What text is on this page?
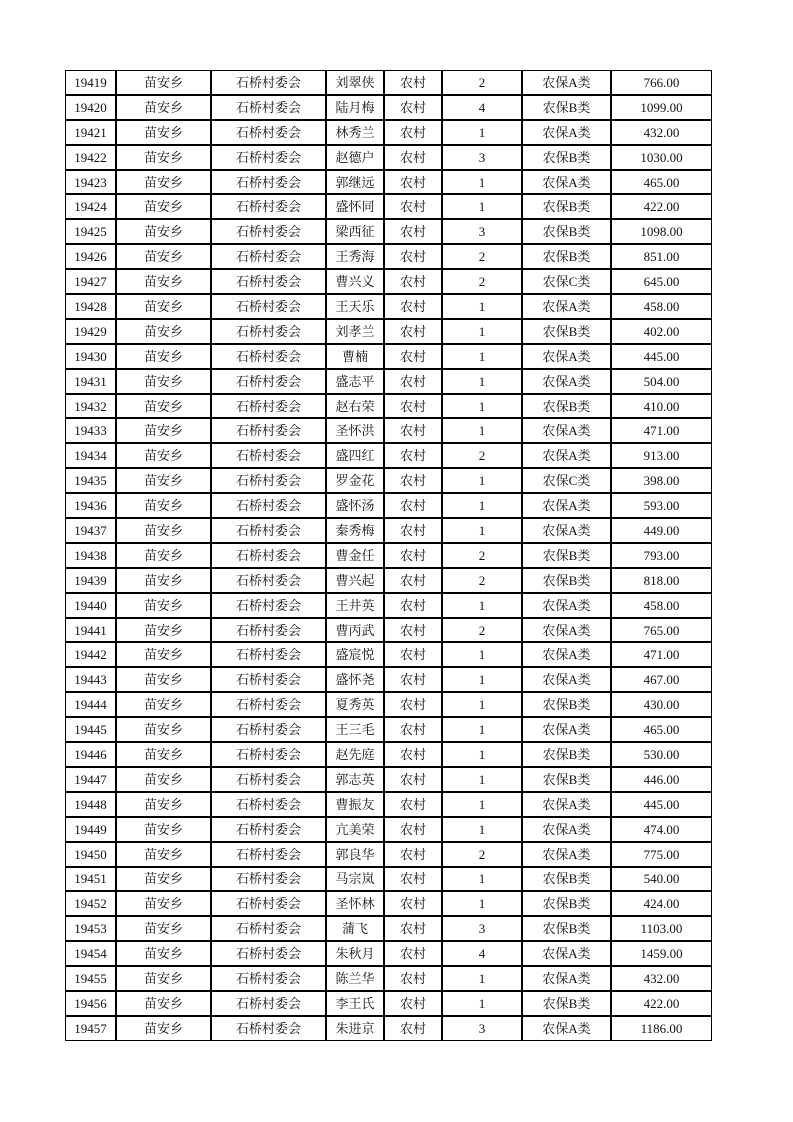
19419	苗安乡	石桥村委会	刘翠侠	农村	2	农保A类	766.00
19420	苗安乡	石桥村委会	陆月梅	农村	4	农保B类	1099.00
19421	苗安乡	石桥村委会	林秀兰	农村	1	农保A类	432.00
19422	苗安乡	石桥村委会	赵德户	农村	3	农保B类	1030.00
19423	苗安乡	石桥村委会	郭继远	农村	1	农保A类	465.00
19424	苗安乡	石桥村委会	盛怀同	农村	1	农保B类	422.00
19425	苗安乡	石桥村委会	梁西征	农村	3	农保B类	1098.00
19426	苗安乡	石桥村委会	王秀海	农村	2	农保B类	851.00
19427	苗安乡	石桥村委会	曹兴义	农村	2	农保C类	645.00
19428	苗安乡	石桥村委会	王天乐	农村	1	农保A类	458.00
19429	苗安乡	石桥村委会	刘孝兰	农村	1	农保B类	402.00
19430	苗安乡	石桥村委会	曹楠	农村	1	农保A类	445.00
19431	苗安乡	石桥村委会	盛志平	农村	1	农保A类	504.00
19432	苗安乡	石桥村委会	赵右荣	农村	1	农保B类	410.00
19433	苗安乡	石桥村委会	圣怀洪	农村	1	农保A类	471.00
19434	苗安乡	石桥村委会	盛四红	农村	2	农保A类	913.00
19435	苗安乡	石桥村委会	罗金花	农村	1	农保C类	398.00
19436	苗安乡	石桥村委会	盛怀汤	农村	1	农保A类	593.00
19437	苗安乡	石桥村委会	秦秀梅	农村	1	农保A类	449.00
19438	苗安乡	石桥村委会	曹金任	农村	2	农保B类	793.00
19439	苗安乡	石桥村委会	曹兴起	农村	2	农保B类	818.00
19440	苗安乡	石桥村委会	王井英	农村	1	农保A类	458.00
19441	苗安乡	石桥村委会	曹丙武	农村	2	农保A类	765.00
19442	苗安乡	石桥村委会	盛宸悦	农村	1	农保A类	471.00
19443	苗安乡	石桥村委会	盛怀尧	农村	1	农保A类	467.00
19444	苗安乡	石桥村委会	夏秀英	农村	1	农保B类	430.00
19445	苗安乡	石桥村委会	王三毛	农村	1	农保A类	465.00
19446	苗安乡	石桥村委会	赵先庭	农村	1	农保B类	530.00
19447	苗安乡	石桥村委会	郭志英	农村	1	农保B类	446.00
19448	苗安乡	石桥村委会	曹振友	农村	1	农保A类	445.00
19449	苗安乡	石桥村委会	亢美荣	农村	1	农保A类	474.00
19450	苗安乡	石桥村委会	郭良华	农村	2	农保A类	775.00
19451	苗安乡	石桥村委会	马宗岚	农村	1	农保B类	540.00
19452	苗安乡	石桥村委会	圣怀林	农村	1	农保B类	424.00
19453	苗安乡	石桥村委会	蒲飞	农村	3	农保B类	1103.00
19454	苗安乡	石桥村委会	朱秋月	农村	4	农保A类	1459.00
19455	苗安乡	石桥村委会	陈兰华	农村	1	农保A类	432.00
19456	苗安乡	石桥村委会	李王氏	农村	1	农保B类	422.00
19457	苗安乡	石桥村委会	朱进京	农村	3	农保A类	1186.00
